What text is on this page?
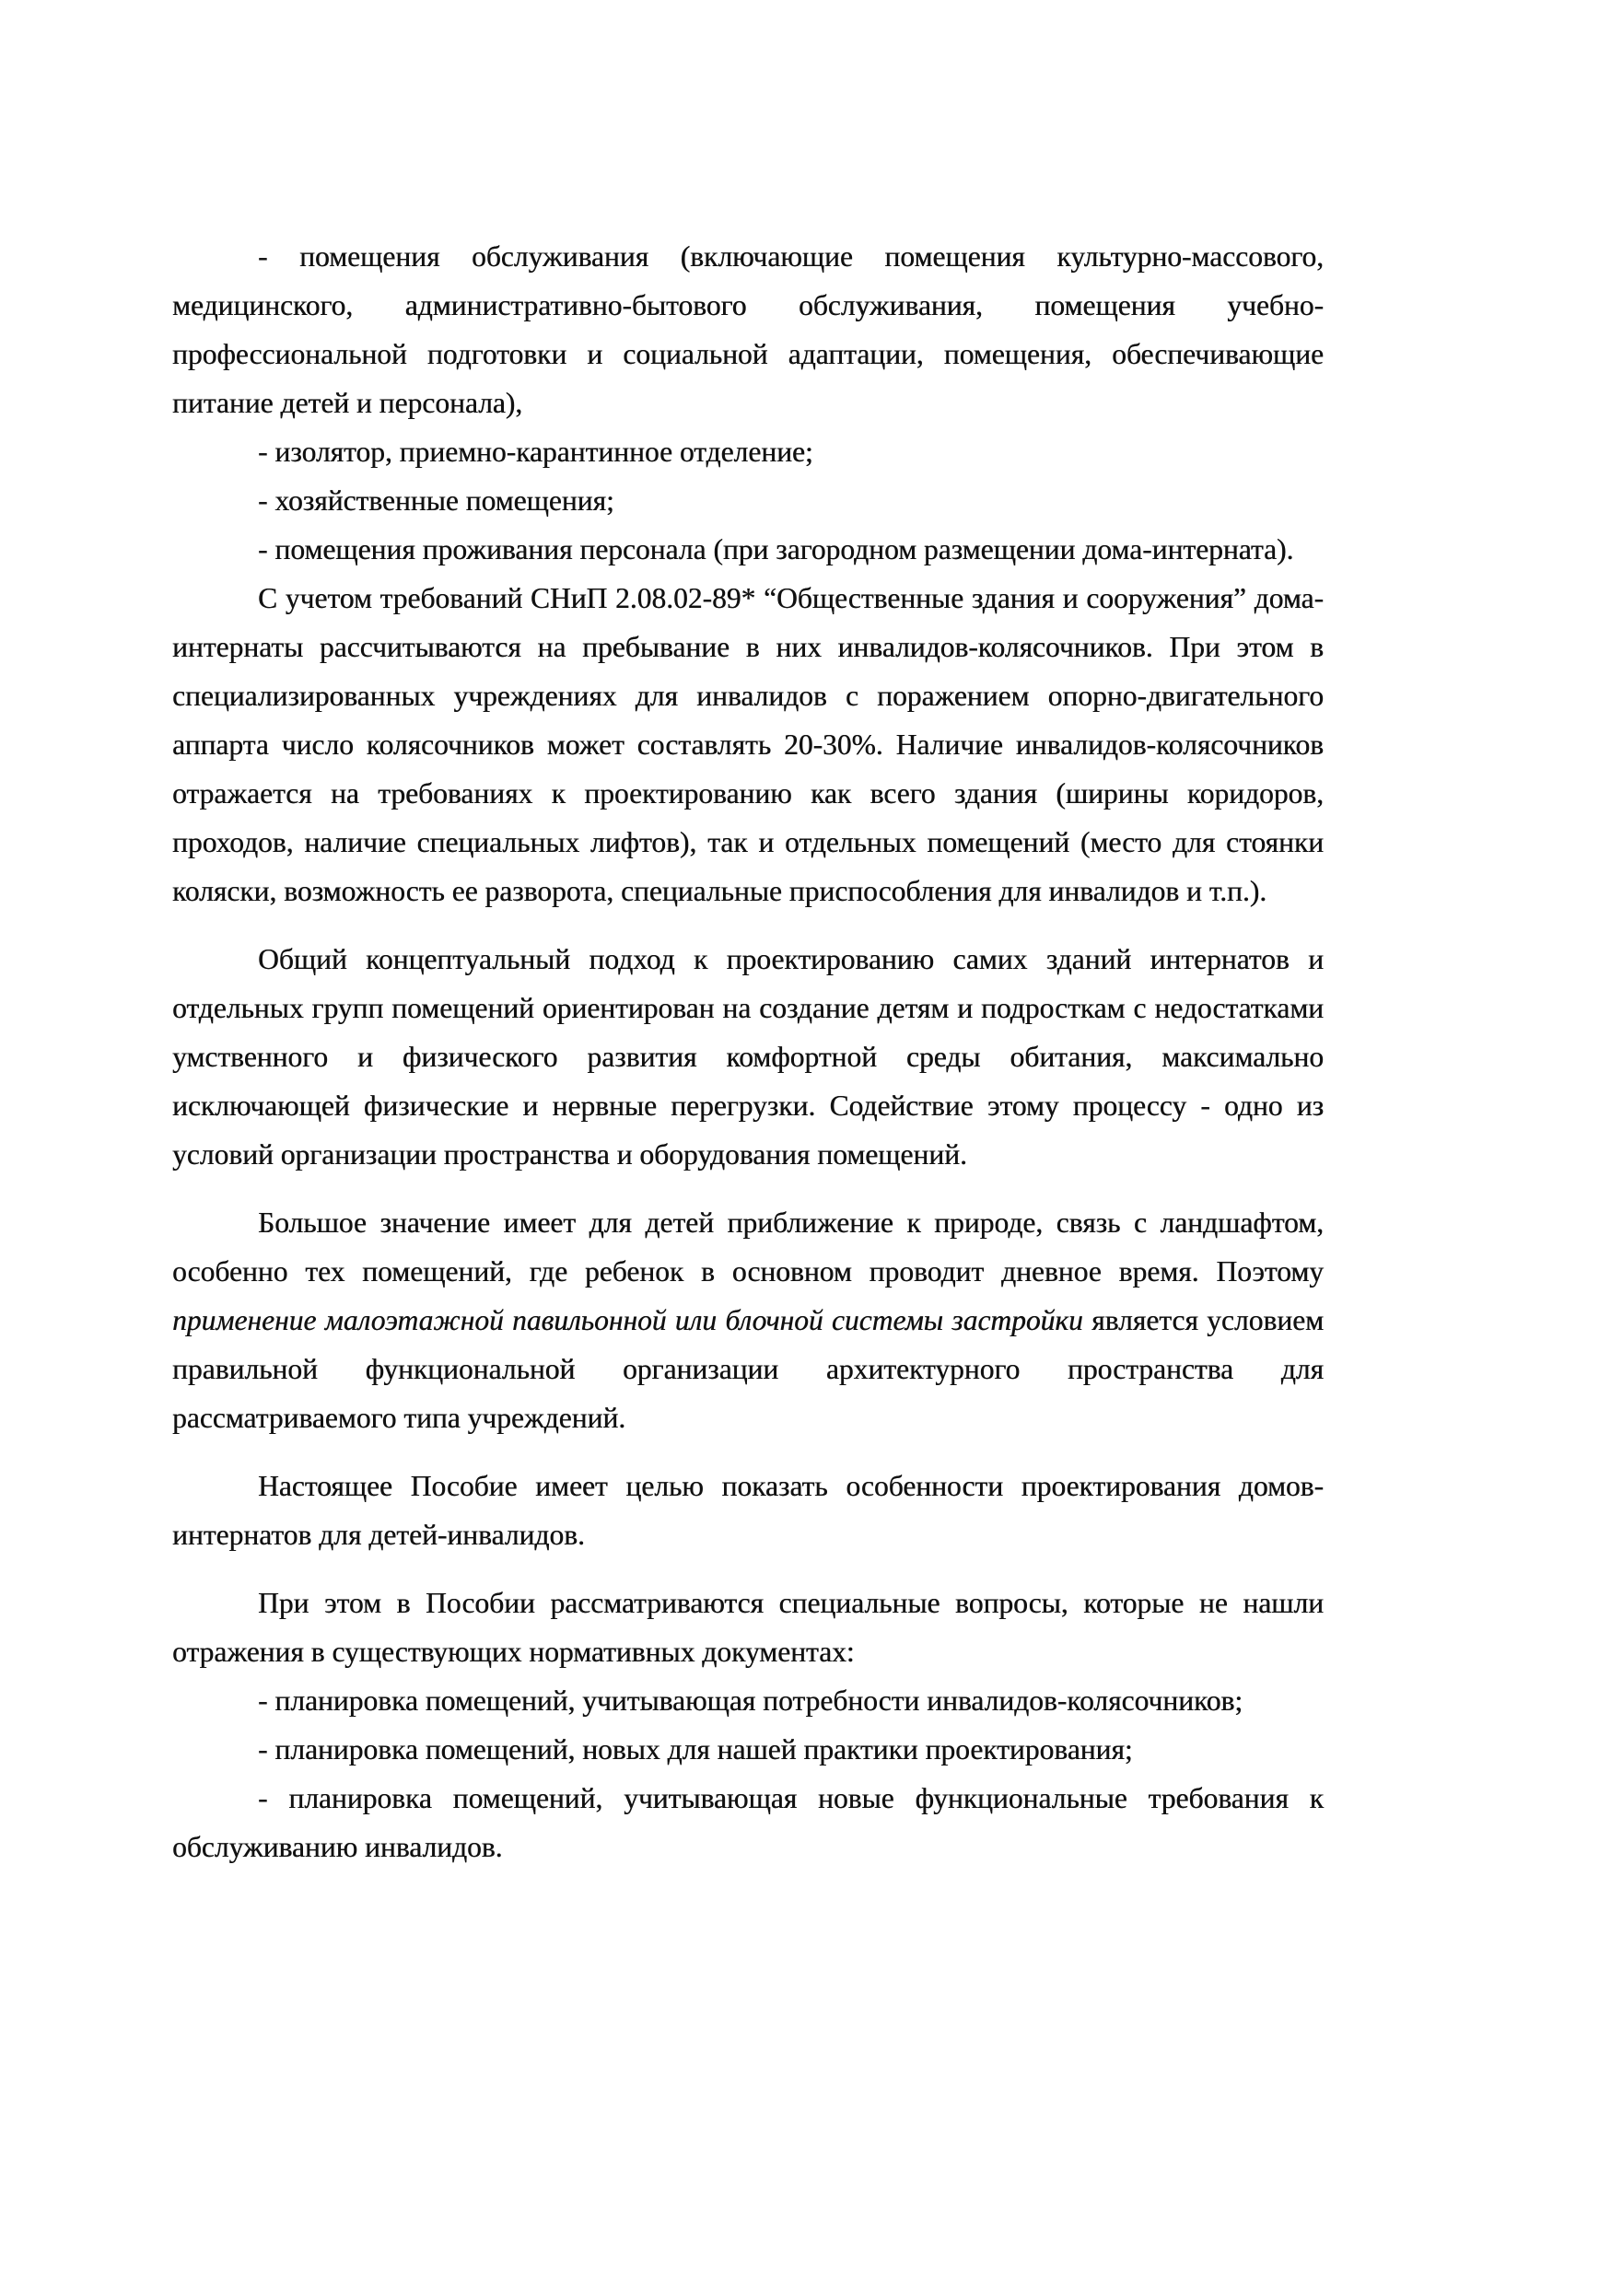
- помещения обслуживания (включающие помещения культурно-массового, медицинского, административно-бытового обслуживания, помещения учебно-профессиональной подготовки и социальной адаптации, помещения, обеспечивающие питание детей и персонала),

- изолятор, приемно-карантинное отделение;

- хозяйственные помещения;

- помещения проживания персонала (при загородном размещении дома-интерната).

С учетом требований СНиП 2.08.02-89* “Общественные здания и сооружения” дома-интернаты рассчитываются на пребывание в них инвалидов-колясочников. При этом в специализированных учреждениях для инвалидов с поражением опорно-двигательного аппарта число колясочников может составлять 20-30%. Наличие инвалидов-колясочников отражается на требованиях к проектированию как всего здания (ширины коридоров, проходов, наличие специальных лифтов), так и отдельных помещений (место для стоянки коляски, возможность ее разворота, специальные приспособления для инвалидов и т.п.).

Общий концептуальный подход к проектированию самих зданий интернатов и отдельных групп помещений ориентирован на создание детям и подросткам с недостатками умственного и физического развития комфортной среды обитания, максимально исключающей физические и нервные перегрузки. Содействие этому процессу - одно из условий организации пространства и оборудования помещений.

Большое значение имеет для детей приближение к природе, связь с ландшафтом, особенно тех помещений, где ребенок в основном проводит дневное время. Поэтому применение малоэтажной павильонной или блочной системы застройки является условием правильной функциональной организации архитектурного пространства для рассматриваемого типа учреждений.

Настоящее Пособие имеет целью показать особенности проектирования домов-интернатов для детей-инвалидов.

При этом в Пособии рассматриваются специальные вопросы, которые не нашли отражения в существующих нормативных документах:

- планировка помещений, учитывающая потребности инвалидов-колясочников;

- планировка помещений, новых для нашей практики проектирования;

- планировка помещений, учитывающая новые функциональные требования к обслуживанию инвалидов.
